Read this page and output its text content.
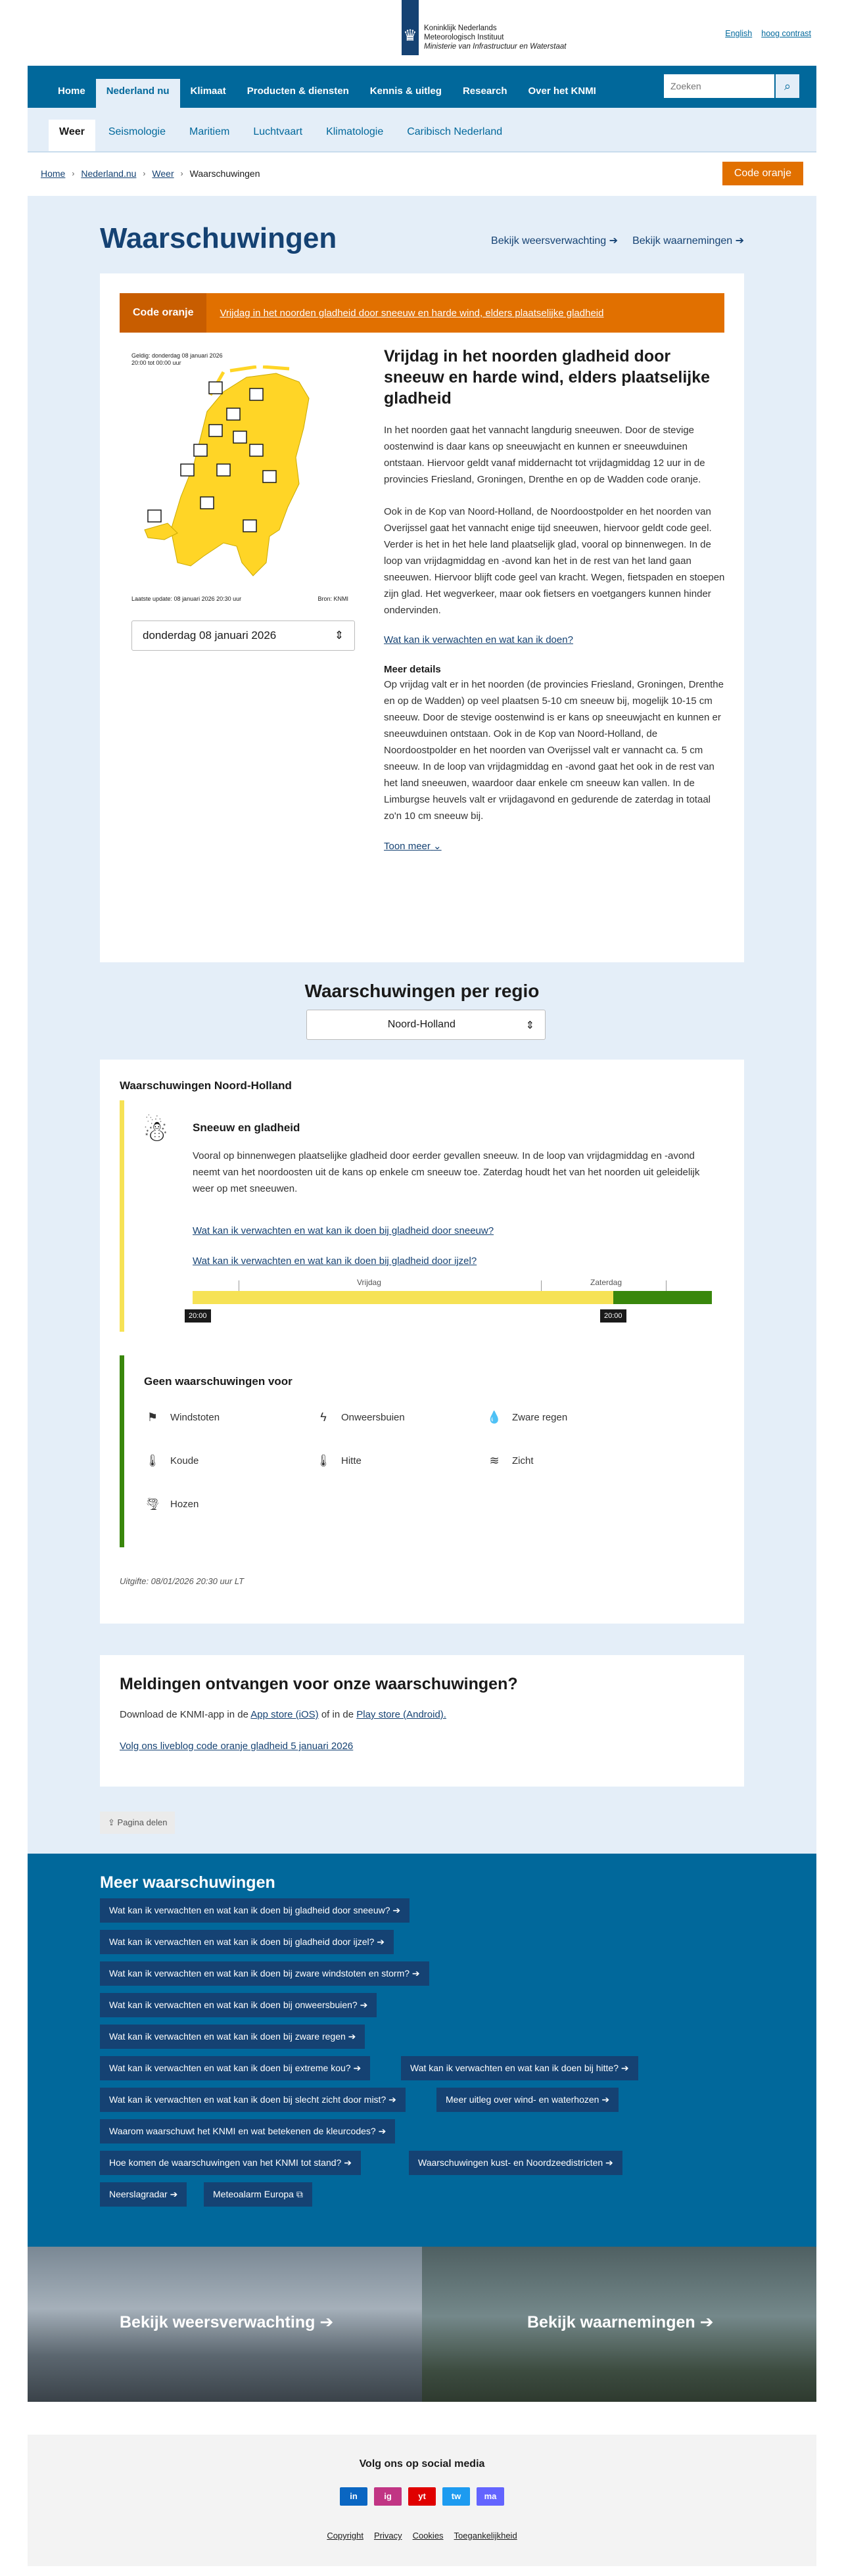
♛ Koninklijk Nederlands
Meteorologisch Instituut
Ministerie van Infrastructuur en Waterstaat
English hoog contrast
Home	Nederland nu	Klimaat	Producten & diensten	Kennis & uitleg	Research	Over het KNMI
Zoeken	⌕
Weer	Seismologie	Maritiem	Luchtvaart	Klimatologie	Caribisch Nederland
Home › Nederland.nu › Weer › Waarschuwingen	Code oranje
Waarschuwingen	Bekijk weersverwachting ➔ Bekijk waarnemingen ➔
Code oranje	Vrijdag in het noorden gladheid door sneeuw en harde wind, elders plaatselijke gladheid
Geldig: donderdag 08 januari 2026
20:00 tot 00:00 uur
Laatste update: 08 januari 2026 20:30 uur	Bron: KNMI
donderdag 08 januari 2026	⇕
Vrijdag in het noorden gladheid door sneeuw en harde wind, elders plaatselijke gladheid

In het noorden gaat het vannacht langdurig sneeuwen. Door de stevige oostenwind is daar kans op sneeuwjacht en kunnen er sneeuwduinen ontstaan. Hiervoor geldt vanaf middernacht tot vrijdagmiddag 12 uur in de provincies Friesland, Groningen, Drenthe en op de Wadden code oranje.

Ook in de Kop van Noord-Holland, de Noordoostpolder en het noorden van Overijssel gaat het vannacht enige tijd sneeuwen, hiervoor geldt code geel. Verder is het in het hele land plaatselijk glad, vooral op binnenwegen. In de loop van vrijdagmiddag en -avond kan het in de rest van het land gaan sneeuwen. Hiervoor blijft code geel van kracht. Wegen, fietspaden en stoepen zijn glad. Het wegverkeer, maar ook fietsers en voetgangers kunnen hinder ondervinden.

Wat kan ik verwachten en wat kan ik doen?
Meer details

Op vrijdag valt er in het noorden (de provincies Friesland, Groningen, Drenthe en op de Wadden) op veel plaatsen 5-10 cm sneeuw bij, mogelijk 10-15 cm sneeuw. Door de stevige oostenwind is er kans op sneeuwjacht en kunnen er sneeuwduinen ontstaan. Ook in de Kop van Noord-Holland, de Noordoostpolder en het noorden van Overijssel valt er vannacht ca. 5 cm sneeuw. In de loop van vrijdagmiddag en -avond gaat het ook in de rest van het land sneeuwen, waardoor daar enkele cm sneeuw kan vallen. In de Limburgse heuvels valt er vrijdagavond en gedurende de zaterdag in totaal zo'n 10 cm sneeuw bij.

Toon meer ⌄
Waarschuwingen per regio
Noord-Holland	⇕
Waarschuwingen Noord-Holland
☃ Sneeuw en gladheid

Vooral op binnenwegen plaatselijke gladheid door eerder gevallen sneeuw. In de loop van vrijdagmiddag en -avond neemt van het noordoosten uit de kans op enkele cm sneeuw toe. Zaterdag houdt het van het noorden uit geleidelijk weer op met sneeuwen.

Wat kan ik verwachten en wat kan ik doen bij gladheid door sneeuw?
Wat kan ik verwachten en wat kan ik doen bij gladheid door ijzel?
Vrijdag	Zaterdag
20:00	20:00
Geen waarschuwingen voor
⚑	Windstoten	ϟ	Onweersbuien	💧 Zware regen
🌡 Koude	🌡 Hitte	≋	Zicht
🌪 Hozen
Uitgifte: 08/01/2026 20:30 uur LT
Meldingen ontvangen voor onze waarschuwingen?

Download de KNMI-app in de App store (iOS) of in de Play store (Android).

Volg ons liveblog code oranje gladheid 5 januari 2026
⇪ Pagina delen
Meer waarschuwingen
Wat kan ik verwachten en wat kan ik doen bij gladheid door sneeuw? ➔
Wat kan ik verwachten en wat kan ik doen bij gladheid door ijzel? ➔
Wat kan ik verwachten en wat kan ik doen bij zware windstoten en storm? ➔
Wat kan ik verwachten en wat kan ik doen bij onweersbuien? ➔
Wat kan ik verwachten en wat kan ik doen bij zware regen ➔
Wat kan ik verwachten en wat kan ik doen bij extreme kou? ➔	Wat kan ik verwachten en wat kan ik doen bij hitte? ➔
Wat kan ik verwachten en wat kan ik doen bij slecht zicht door mist? ➔	Meer uitleg over wind- en waterhozen ➔
Waarom waarschuwt het KNMI en wat betekenen de kleurcodes? ➔
Hoe komen de waarschuwingen van het KNMI tot stand? ➔	Waarschuwingen kust- en Noordzeedistricten ➔
Neerslagradar ➔	Meteoalarm Europa ⧉
Bekijk weersverwachting ➔	Bekijk waarnemingen ➔
Volg ons op social media
in	ig	yt	tw	ma
Copyright Privacy Cookies Toegankelijkheid
